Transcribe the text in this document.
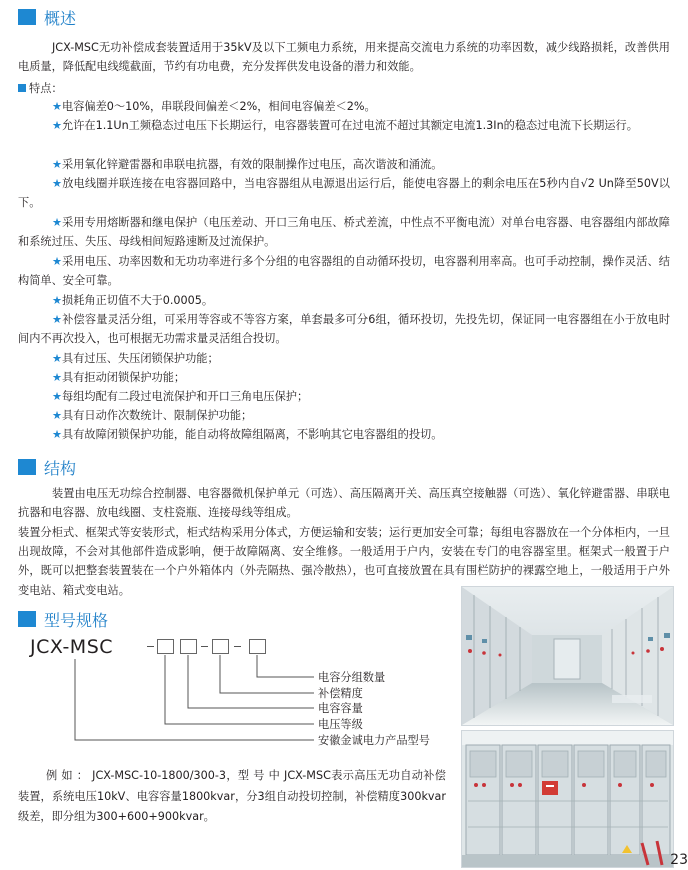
概述
JCX-MSC无功补偿成套装置适用于35kV及以下工频电力系统，用来提高交流电力系统的功率因数，减少线路损耗，改善供用电质量，降低配电线缆截面，节约有功电费，充分发挥供发电设备的潜力和效能。
特点：
★电容偏差0～10%，串联段间偏差＜2%，相间电容偏差＜2%。
★允许在1.1Un工频稳态过电压下长期运行，电容器装置可在过电流不超过其额定电流1.3In的稳态过电流下长期运行。
★采用氧化锌避雷器和串联电抗器，有效的限制操作过电压，高次谐波和涌流。
★放电线圈并联连接在电容器回路中，当电容器组从电源退出运行后，能使电容器上的剩余电压在5秒内自√2 Un降至50V以下。
★采用专用熔断器和继电保护（电压差动、开口三角电压、桥式差流，中性点不平衡电流）对单台电容器、电容器组内部故障和系统过压、失压、母线相间短路速断及过流保护。
★采用电压、功率因数和无功功率进行多个分组的电容器组的自动循环投切，电容器利用率高。也可手动控制，操作灵活、结构简单、安全可靠。
★损耗角正切值不大于0.0005。
★补偿容量灵活分组，可采用等容或不等容方案，单套最多可分6组，循环投切，先投先切，保证同一电容器组在小于放电时间内不再次投入，也可根据无功需求量灵活组合投切。
★具有过压、失压闭锁保护功能；
★具有拒动闭锁保护功能；
★每组均配有二段过电流保护和开口三角电压保护；
★具有日动作次数统计、限制保护功能；
★具有故障闭锁保护功能，能自动将故障组隔离，不影响其它电容器组的投切。
结构
装置由电压无功综合控制器、电容器微机保护单元（可选）、高压隔离开关、高压真空接触器（可选）、氧化锌避雷器、串联电抗器和电容器、放电线圈、支柱瓷瓶、连接母线等组成。
装置分柜式、框架式等安装形式，柜式结构采用分体式，方便运输和安装；运行更加安全可靠；每组电容器放在一个分体柜内，一旦出现故障，不会对其他部件造成影响，便于故障隔离、安全维修。一般适用于户内，安装在专门的电容器室里。框架式一般置于户外，既可以把整套装置装在一个户外箱体内（外壳隔热、强冷散热），也可直接放置在具有围栏防护的裸露空地上，一般适用于户外变电站、箱式变电站。
型号规格
JCX-MSC
电容分组数量
补偿精度
电容容量
电压等级
安徽金诚电力产品型号
例 如 ： JCX-MSC-10-1800/300-3，型 号 中 JCX-MSC表示高压无功自动补偿装置，系统电压10kV、电容容量1800kvar，分3组自动投切控制，补偿精度300kvar级差，即分组为300+600+900kvar。
23
